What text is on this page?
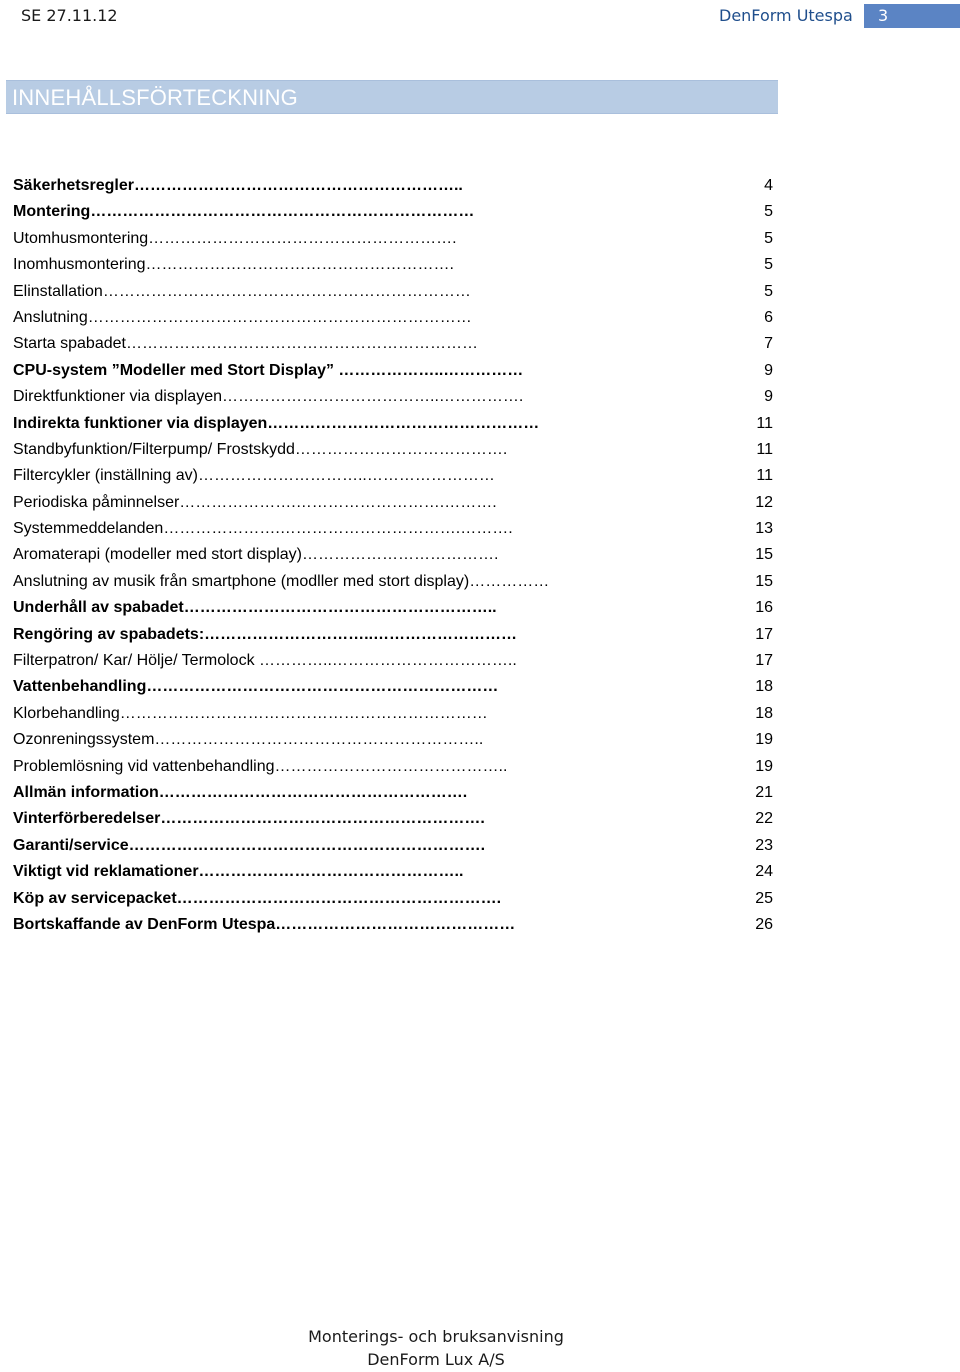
SE 27.11.12	DenForm Utespa 3
INNEHÅLLSFÖRTECKNING
Säkerhetsregler……………………………………………………..	4
Montering………………………………………………………………	5
Utomhusmontering………………………………………………….	5
Inomhusmontering………………………………………………….	5
Elinstallation……………………………………………………………	5
Anslutning………………………………………………………………	6
Starta spabadet…………………………………………………………	7
CPU-system ”Modeller med Stort Display” ………………..……………	9
Direktfunktioner via displayen…………………………………..…………….	9
Indirekta funktioner via displayen……………………………………………	11
Standbyfunktion/Filterpump/ Frostskydd………………………………….	11
Filtercykler (inställning av)…………………………..……………………	11
Periodiska påminnelser………………….……………………….……….	12
Systemmeddelanden………………….…………………………….……….	13
Aromaterapi (modeller med stort display)……………………………….	15
Anslutning av musik från smartphone (modller med stort display)……………	15
Underhåll av spabadet…………………………………………………..	16
Rengöring av spabadets:…………………………..………………………	17
Filterpatron/ Kar/ Hölje/ Termolock …………..……………………………..	17
Vattenbehandling…………………………………………………………	18
Klorbehandling……………………………………………………………	18
Ozonreningssystem……………………………………………………..	19
Problemlösning vid vattenbehandling……………………………………..	19
Allmän information………………………………………………….	21
Vinterförberedelser…………………………………………………….	22
Garanti/service………………………………………………………….	23
Viktigt vid reklamationer…………………………………………..	24
Köp av servicepacket…………………………………………………….	25
Bortskaffande av DenForm Utespa………………………………………	26
Monterings- och bruksanvisning
DenForm Lux A/S
